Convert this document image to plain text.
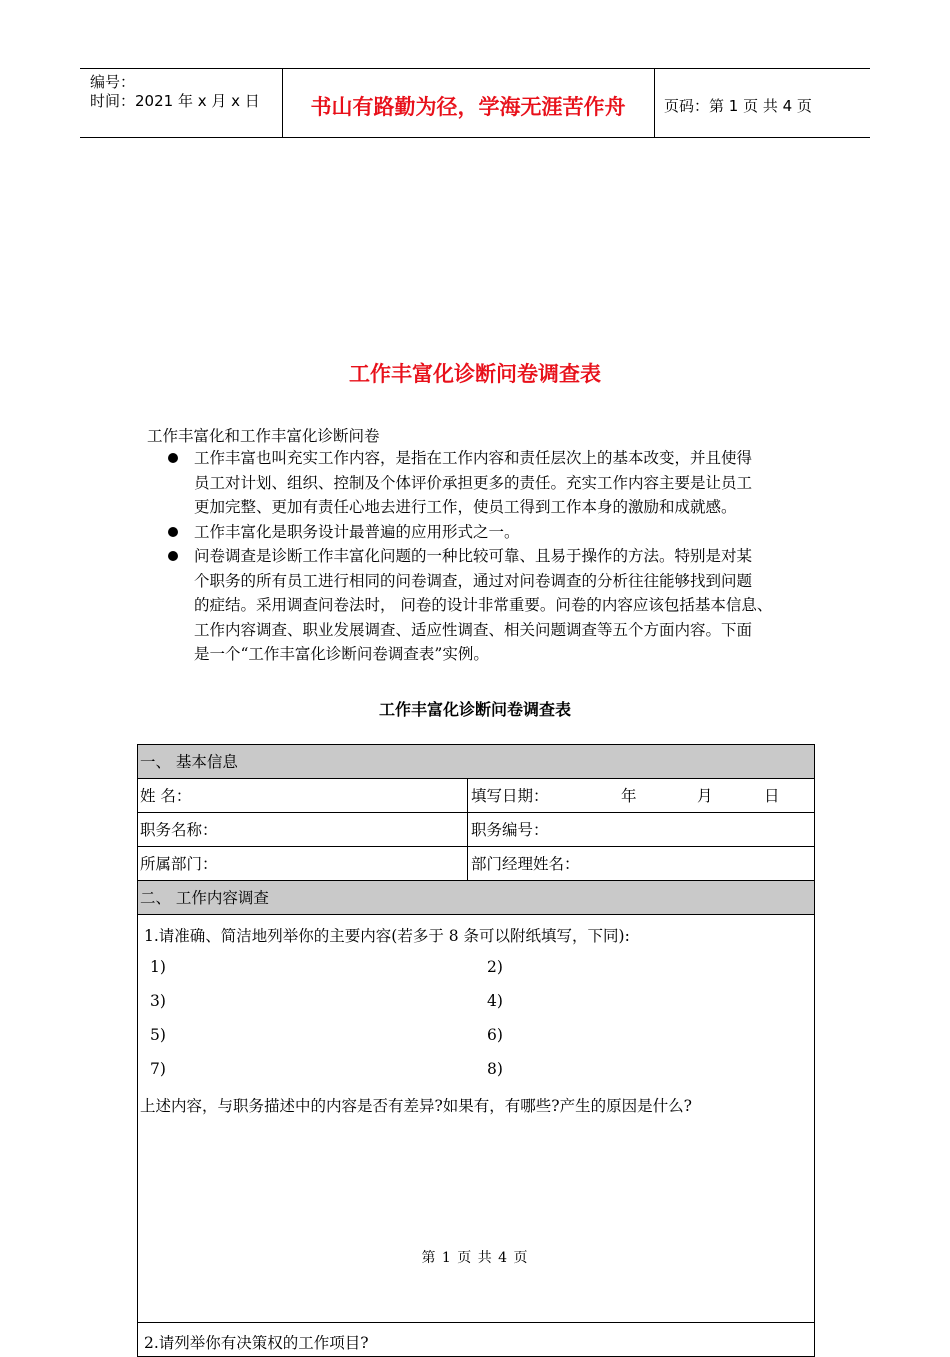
编号：
时间：2021 年 x 月 x 日	书山有路勤为径，学海无涯苦作舟	页码：第 1 页 共 4 页
工作丰富化诊断问卷调查表
工作丰富化和工作丰富化诊断问卷
工作丰富也叫充实工作内容，是指在工作内容和责任层次上的基本改变，并且使得
员工对计划、组织、控制及个体评价承担更多的责任。充实工作内容主要是让员工
更加完整、更加有责任心地去进行工作，使员工得到工作本身的激励和成就感。
工作丰富化是职务设计最普遍的应用形式之一。
问卷调查是诊断工作丰富化问题的一种比较可靠、且易于操作的方法。特别是对某
个职务的所有员工进行相同的问卷调查，通过对问卷调查的分析往往能够找到问题
的症结。采用调查问卷法时， 问卷的设计非常重要。问卷的内容应该包括基本信息、
工作内容调查、职业发展调查、适应性调查、相关问题调查等五个方面内容。下面
是一个“工作丰富化诊断问卷调查表”实例。
工作丰富化诊断问卷调查表
一、 基本信息
姓 名：	填写日期：	年	月	日
职务名称：	职务编号：
所属部门：	部门经理姓名：
二、 工作内容调查
1.请准确、简洁地列举你的主要内容(若多于 8 条可以附纸填写，下同):
1)	2)
3)	4)
5)	6)
7)	8)
上述内容，与职务描述中的内容是否有差异?如果有，有哪些?产生的原因是什么?
2.请列举你有决策权的工作项目?
第 1 页 共 4 页
